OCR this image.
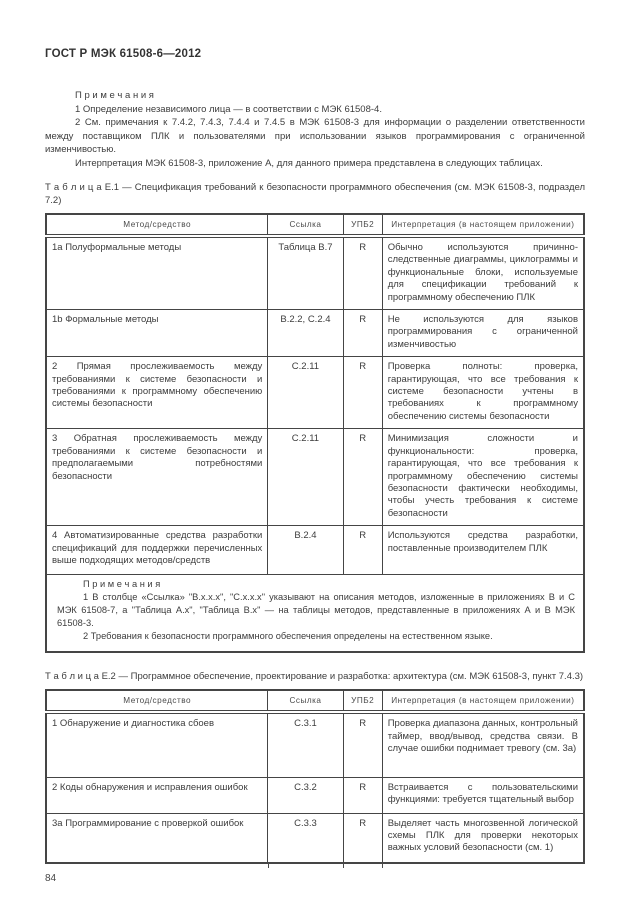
ГОСТ Р МЭК 61508-6—2012
П р и м е ч а н и я

1 Определение независимого лица — в соответствии с МЭК 61508-4.

2 См. примечания к 7.4.2, 7.4.3, 7.4.4 и 7.4.5 в МЭК 61508-3 для информации о разделении ответственности между поставщиком ПЛК и пользователями при использовании языков программирования с ограниченной изменчивостью.

Интерпретация МЭК 61508-3, приложение А, для данного примера представлена в следующих таблицах.

Т а б л и ц а Е.1 — Спецификация требований к безопасности программного обеспечения (см. МЭК 61508-3, подраздел 7.2)

Метод/средство	Ссылка	УПБ2	Интерпретация (в настоящем приложении)
1а Полуформальные методы	Таблица В.7	R	Обычно используются причинно-следственные диаграммы, циклограммы и функциональные блоки, используемые для спецификации требований к программному обеспечению ПЛК
1b Формальные методы	В.2.2, С.2.4	R	Не используются для языков программирования с ограниченной изменчивостью
2 Прямая прослеживаемость между требованиями к системе безопасности и требованиями к программному обеспечению системы безопасности	С.2.11	R	Проверка полноты: проверка, гарантирующая, что все требования к системе безопасности учтены в требованиях к программному обеспечению системы безопасности
3 Обратная прослеживаемость между требованиями к системе безопасности и предполагаемыми потребностями безопасности	С.2.11	R	Минимизация сложности и функциональности: проверка, гарантирующая, что все требования к программному обеспечению системы безопасности фактически необходимы, чтобы учесть требования к системе безопасности
4 Автоматизированные средства разработки спецификаций для поддержки перечисленных выше подходящих методов/средств	В.2.4	R	Используются средства разработки, поставленные производителем ПЛК

П р и м е ч а н и я

1 В столбце «Ссылка» "В.х.х.х", "С.х.х.х" указывают на описания методов, изложенные в приложениях В и С МЭК 61508-7, а "Таблица А.х", "Таблица В.х" — на таблицы методов, представленные в приложениях А и В МЭК 61508-3.

2 Требования к безопасности программного обеспечения определены на естественном языке.			

Т а б л и ц а Е.2 — Программное обеспечение, проектирование и разработка: архитектура (см. МЭК 61508-3, пункт 7.4.3)

Метод/средство	Ссылка	УПБ2	Интерпретация (в настоящем приложении)
1 Обнаружение и диагностика сбоев	С.3.1	R	Проверка диапазона данных, контрольный таймер, ввод/вывод, средства связи. В случае ошибки поднимает тревогу (см. 3а)
2 Коды обнаружения и исправления ошибок	С.3.2	R	Встраивается с пользовательскими функциями: требуется тщательный выбор
3а Программирование с проверкой ошибок	С.3.3	R	Выделяет часть многозвенной логической схемы ПЛК для проверки некоторых важных условий безопасности (см. 1)
84
